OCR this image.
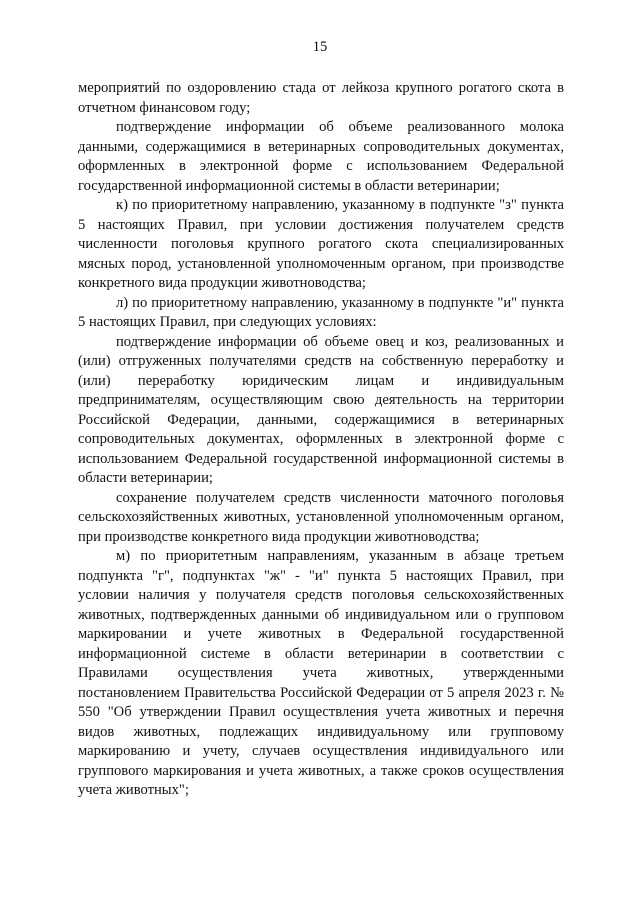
15

мероприятий по оздоровлению стада от лейкоза крупного рогатого скота в отчетном финансовом году;

подтверждение информации об объеме реализованного молока данными, содержащимися в ветеринарных сопроводительных документах, оформленных в электронной форме с использованием Федеральной государственной информационной системы в области ветеринарии;

к) по приоритетному направлению, указанному в подпункте "з" пункта 5 настоящих Правил, при условии достижения получателем средств численности поголовья крупного рогатого скота специализированных мясных пород, установленной уполномоченным органом, при производстве конкретного вида продукции животноводства;

л) по приоритетному направлению, указанному в подпункте "и" пункта 5 настоящих Правил, при следующих условиях:

подтверждение информации об объеме овец и коз, реализованных и (или) отгруженных получателями средств на собственную переработку и (или) переработку юридическим лицам и индивидуальным предпринимателям, осуществляющим свою деятельность на территории Российской Федерации, данными, содержащимися в ветеринарных сопроводительных документах, оформленных в электронной форме с использованием Федеральной государственной информационной системы в области ветеринарии;

сохранение получателем средств численности маточного поголовья сельскохозяйственных животных, установленной уполномоченным органом, при производстве конкретного вида продукции животноводства;

м) по приоритетным направлениям, указанным в абзаце третьем подпункта "г", подпунктах "ж" - "и" пункта 5 настоящих Правил, при условии наличия у получателя средств поголовья сельскохозяйственных животных, подтвержденных данными об индивидуальном или о групповом маркировании и учете животных в Федеральной государственной информационной системе в области ветеринарии в соответствии с Правилами осуществления учета животных, утвержденными постановлением Правительства Российской Федерации от 5 апреля 2023 г. № 550 "Об утверждении Правил осуществления учета животных и перечня видов животных, подлежащих индивидуальному или групповому маркированию и учету, случаев осуществления индивидуального или группового маркирования и учета животных, а также сроков осуществления учета животных";
